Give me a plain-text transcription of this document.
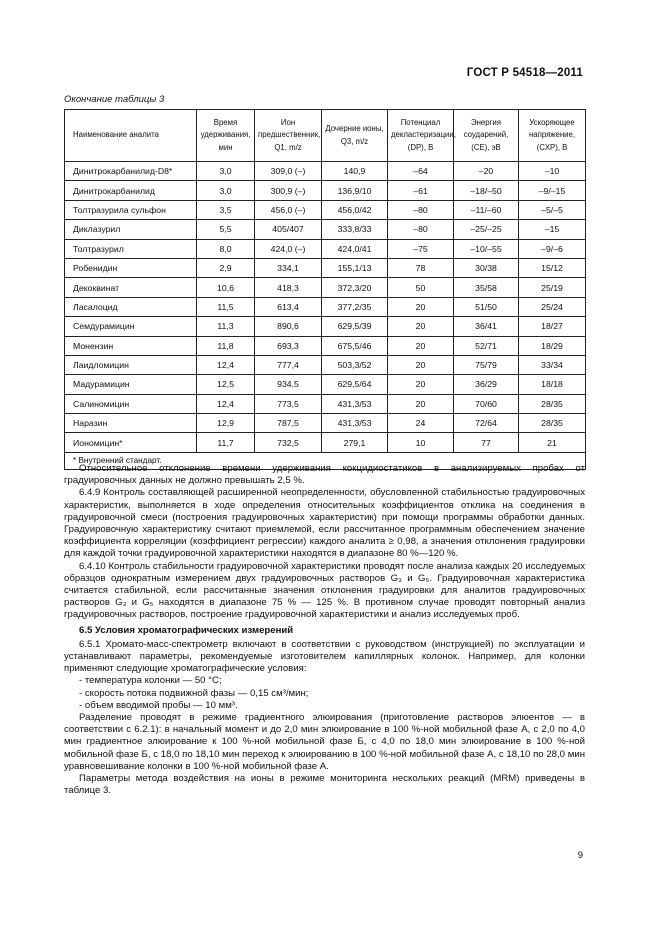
ГОСТ Р 54518—2011
Окончание таблицы 3
Наименование аналита	Время удерживания, мин	Ион предшественник, Q1, m/z	Дочерние ионы, Q3, m/z	Потенциал декластеризации, (DP), В	Энергия соударений, (CE), эВ	Ускоряющее напряжение, (CXP), В
Динитрокарбанилид-D8*	3,0	309,0 (–)	140,9	–64	–20	–10
Динитрокарбанилид	3,0	300,9 (–)	136,9/10	–61	–18/–50	–9/–15
Толтразурила сульфон	3,5	456,0 (–)	456,0/42	–80	–11/–60	–5/–5
Диклазурил	5,5	405/407	333,8/33	–80	–25/–25	–15
Толтразурил	8,0	424,0 (–)	424,0/41	–75	–10/–55	–9/–6
Робенидин	2,9	334,1	155,1/13	78	30/38	15/12
Декоквинат	10,6	418,3	372,3/20	50	35/58	25/19
Ласалоцид	11,5	613,4	377,2/35	20	51/50	25/24
Семдурамицин	11,3	890,6	629,5/39	20	36/41	18/27
Монензин	11,8	693,3	675,5/46	20	52/71	18/29
Лаидломицин	12,4	777,4	503,3/52	20	75/79	33/34
Мадурамицин	12,5	934,5	629,5/64	20	36/29	18/18
Салиномицин	12,4	773,5	431,3/53	20	70/60	28/35
Наразин	12,9	787,5	431,3/53	24	72/64	28/35
Иономицин*	11,7	732,5	279,1	10	77	21
* Внутренний стандарт.						

Относительное отклонение времени удерживания кокцидиостатиков в анализируемых пробах от градуировочных данных не должно превышать 2,5 %.

6.4.9 Контроль составляющей расширенной неопределенности, обусловленной стабильностью градуировочных характеристик, выполняется в ходе определения относительных коэффициентов отклика на соединения в градуировочной смеси (построения градуировочных характеристик) при помощи программы обработки данных. Градуировочную характеристику считают приемлемой, если рассчитанное программным обеспечением значение коэффициента корреляции (коэффициент регрессии) каждого аналита ≥ 0,98, а значения отклонения градуировки для каждой точки градуировочной характеристики находятся в диапазоне 80 %—120 %.

6.4.10 Контроль стабильности градуировочной характеристики проводят после анализа каждых 20 исследуемых образцов однократным измерением двух градуировочных растворов G₃ и G₅. Градуировочная характеристика считается стабильной, если рассчитанные значения отклонения градуировки для аналитов градуировочных растворов G₃ и G₅ находятся в диапазоне 75 % — 125 %. В противном случае проводят повторный анализ градуировочных растворов, построение градуировочной характеристики и анализ исследуемых проб.

6.5 Условия хроматографических измерений

6.5.1 Хромато-масс-спектрометр включают в соответствии с руководством (инструкцией) по эксплуатации и устанавливают параметры, рекомендуемые изготовителем капиллярных колонок. Например, для колонки применяют следующие хроматографические условия:

- температура колонки — 50 °С;

- скорость потока подвижной фазы — 0,15 см³/мин;

- объем вводимой пробы — 10 мм³.

Разделение проводят в режиме градиентного элюирования (приготовление растворов элюентов — в соответствии с 6.2.1): в начальный момент и до 2,0 мин элюирование в 100 %-ной мобильной фазе А, с 2,0 по 4,0 мин градиентное элюирование к 100 %-ной мобильной фазе Б, с 4,0 по 18,0 мин элюирование в 100 %-ной мобильной фазе Б, с 18,0 по 18,10 мин переход к элюированию в 100 %-ной мобильной фазе А, с 18,10 по 28,0 мин уравновешивание колонки в 100 %-ной мобильной фазе А.

Параметры метода воздействия на ионы в режиме мониторинга нескольких реакций (MRM) приведены в таблице 3.

9
